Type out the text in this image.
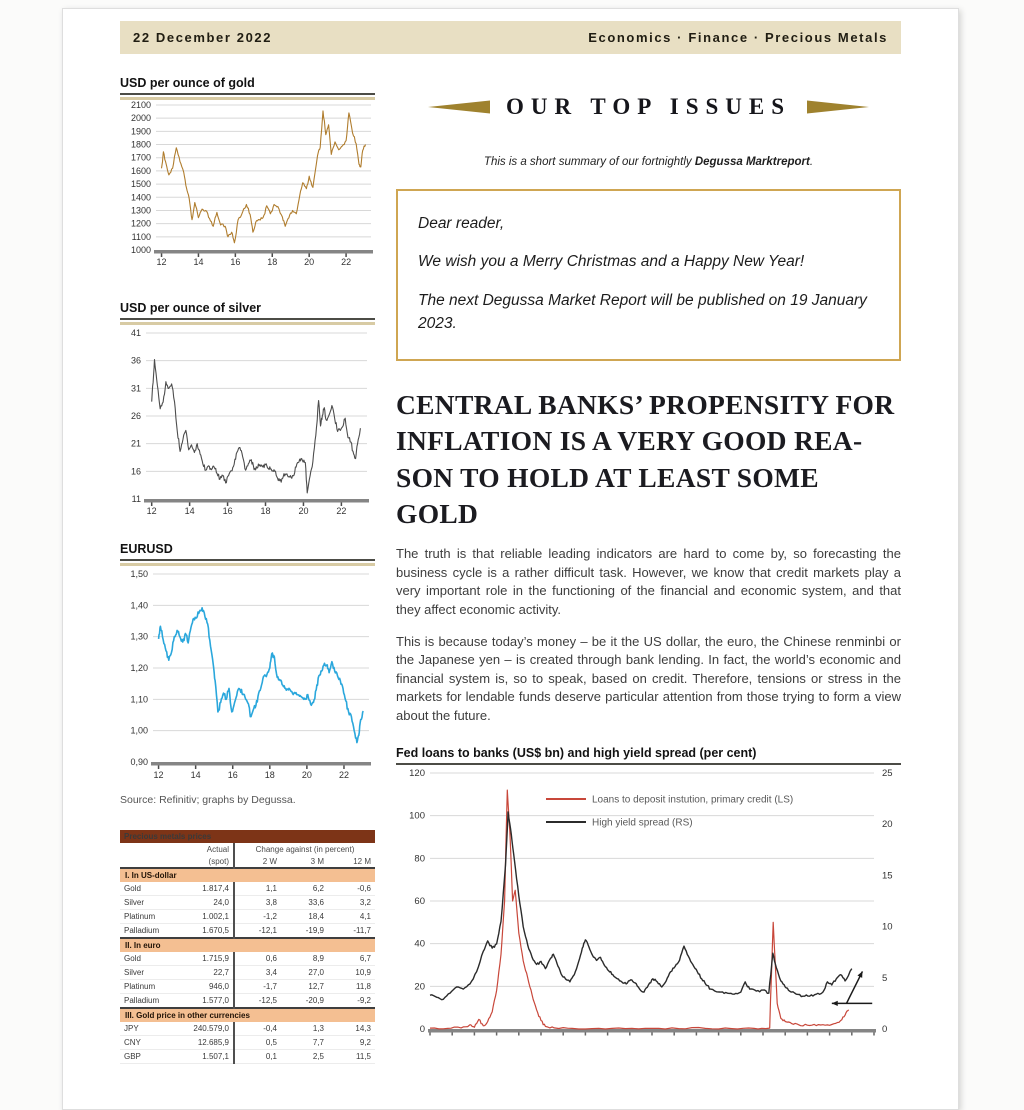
22 December 2022	Economics · Finance · Precious Metals
USD per ounce of gold
2100
2000
1900
1800
1700
1600
1500
1400
1300
1200
1100
1000
12	14	16	18	20	22
USD per ounce of silver
41
36
31
26
21
16
11
12	14	16	18	20	22
EURUSD
1,50
1,40
1,30
1,20
1,10
1,00
0,90
12	14	16	18	20	22
Source: Refinitiv; graphs by Degussa.
Precious metals prices				
	Actual	Change against (in percent)		
	(spot)	2 W	3 M	12 M
I. In US-dollar				
Gold	1.817,4	1,1	6,2	-0,6
Silver	24,0	3,8	33,6	3,2
Platinum	1.002,1	-1,2	18,4	4,1
Palladium	1.670,5	-12,1	-19,9	-11,7
II. In euro				
Gold	1.715,9	0,6	8,9	6,7
Silver	22,7	3,4	27,0	10,9
Platinum	946,0	-1,7	12,7	11,8
Palladium	1.577,0	-12,5	-20,9	-9,2
III. Gold price in other currencies				
JPY	240.579,0	-0,4	1,3	14,3
CNY	12.685,9	0,5	7,7	9,2
GBP	1.507,1	0,1	2,5	11,5
OUR TOP ISSUES
This is a short summary of our fortnightly Degussa Marktreport.

Dear reader,

We wish you a Merry Christmas and a Happy New Year!

The next Degussa Market Report will be published on 19 January 2023.

CENTRAL BANKS’ PROPENSITY FOR
INFLATION IS A VERY GOOD REA-
SON TO HOLD AT LEAST SOME GOLD

The truth is that reliable leading indicators are hard to come by, so forecasting the business cycle is a rather difficult task. However, we know that credit markets play a very important role in the functioning of the financial and economic system, and that they affect economic activity.

This is because today’s money – be it the US dollar, the euro, the Chinese renminbi or the Japanese yen – is created through bank lending. In fact, the world’s economic and financial system is, so to speak, based on credit. Therefore, tensions or stress in the markets for lendable funds deserve particular attention from those trying to form a view about the future.

Fed loans to banks (US$ bn) and high yield spread (per cent)
120
100
80
60
40
20
0
25
20
15
10
5
0
Loans to deposit instution, primary credit (LS)
High yield spread (RS)
